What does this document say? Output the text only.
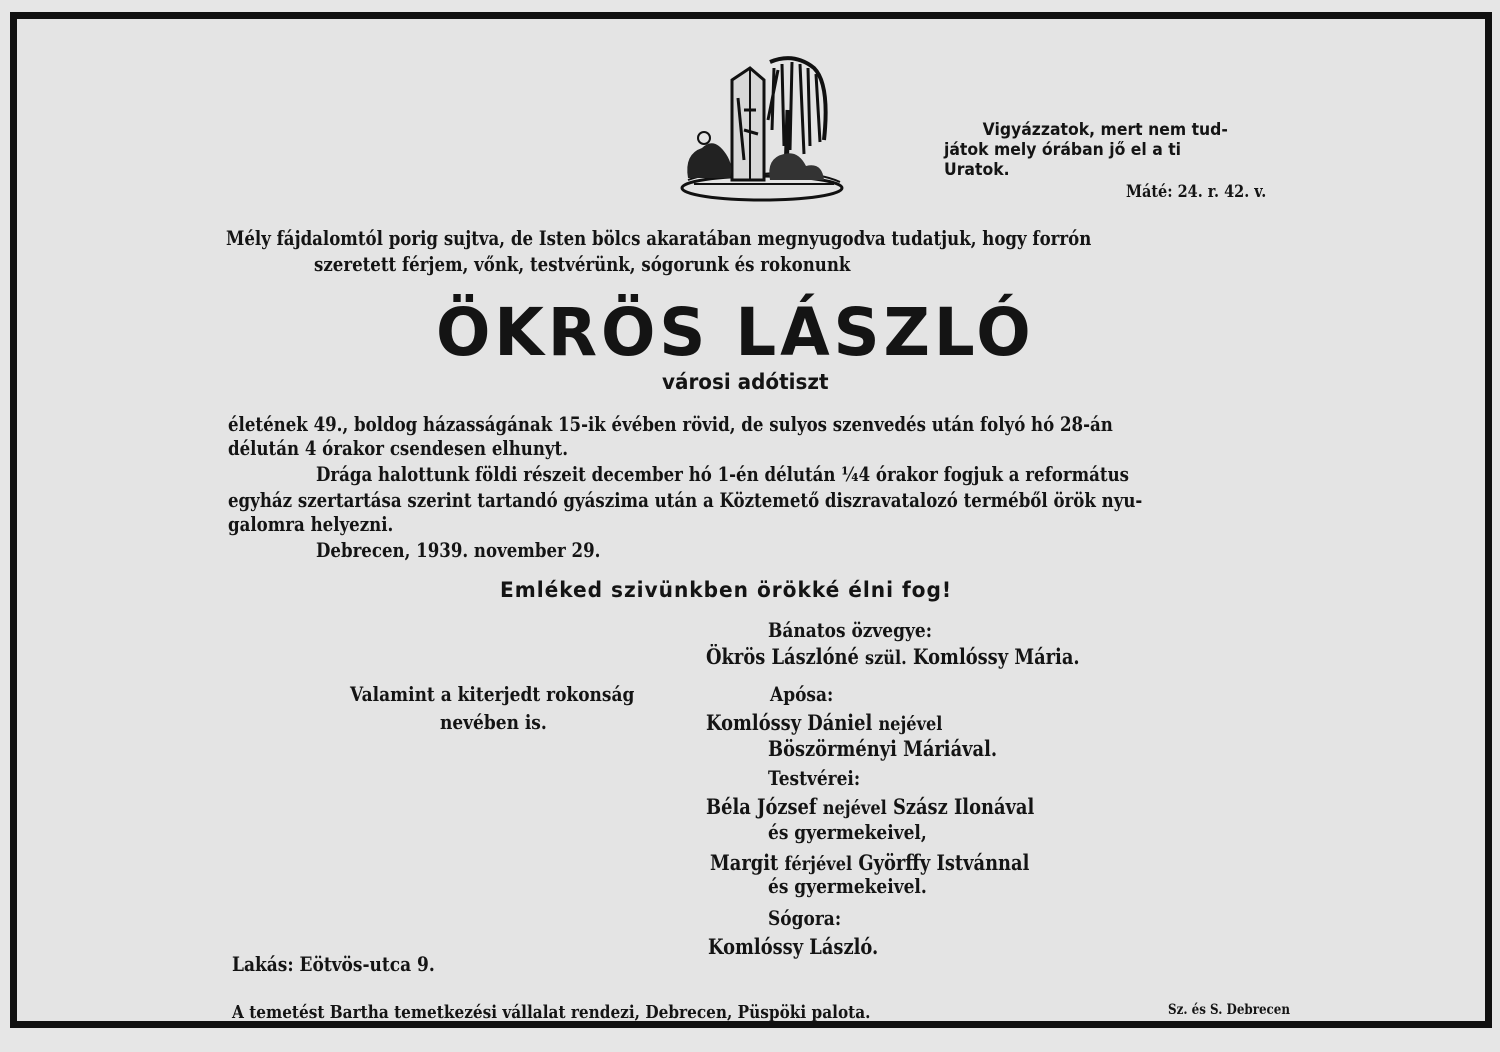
Vigyázzatok, mert nem tud-
játok mely órában jő el a ti
Uratok.
Máté: 24. r. 42. v.
Mély fájdalomtól porig sujtva, de Isten bölcs akaratában megnyugodva tudatjuk, hogy forrón
szeretett férjem, vőnk, testvérünk, sógorunk és rokonunk
ÖKRÖS LÁSZLÓ
városi adótiszt
életének 49., boldog házasságának 15-ik évében rövid, de sulyos szenvedés után folyó hó 28-án
délután 4 órakor csendesen elhunyt.
Drága halottunk földi részeit december hó 1-én délután ¼4 órakor fogjuk a református
egyház szertartása szerint tartandó gyászima után a Köztemető diszravatalozó terméből örök nyu-
galomra helyezni.
Debrecen, 1939. november 29.
Emléked szivünkben örökké élni fog!
Valamint a kiterjedt rokonság
nevében is.
Bánatos özvegye:
Ökrös Lászlóné szül. Komlóssy Mária.
Apósa:
Komlóssy Dániel nejével
Böszörményi Máriával.
Testvérei:
Béla József nejével Szász Ilonával
és gyermekeivel,
Margit férjével Györffy Istvánnal
és gyermekeivel.
Sógora:
Komlóssy László.
Lakás: Eötvös-utca 9.
A temetést Bartha temetkezési vállalat rendezi, Debrecen, Püspöki palota.	Sz. és S. Debrecen
